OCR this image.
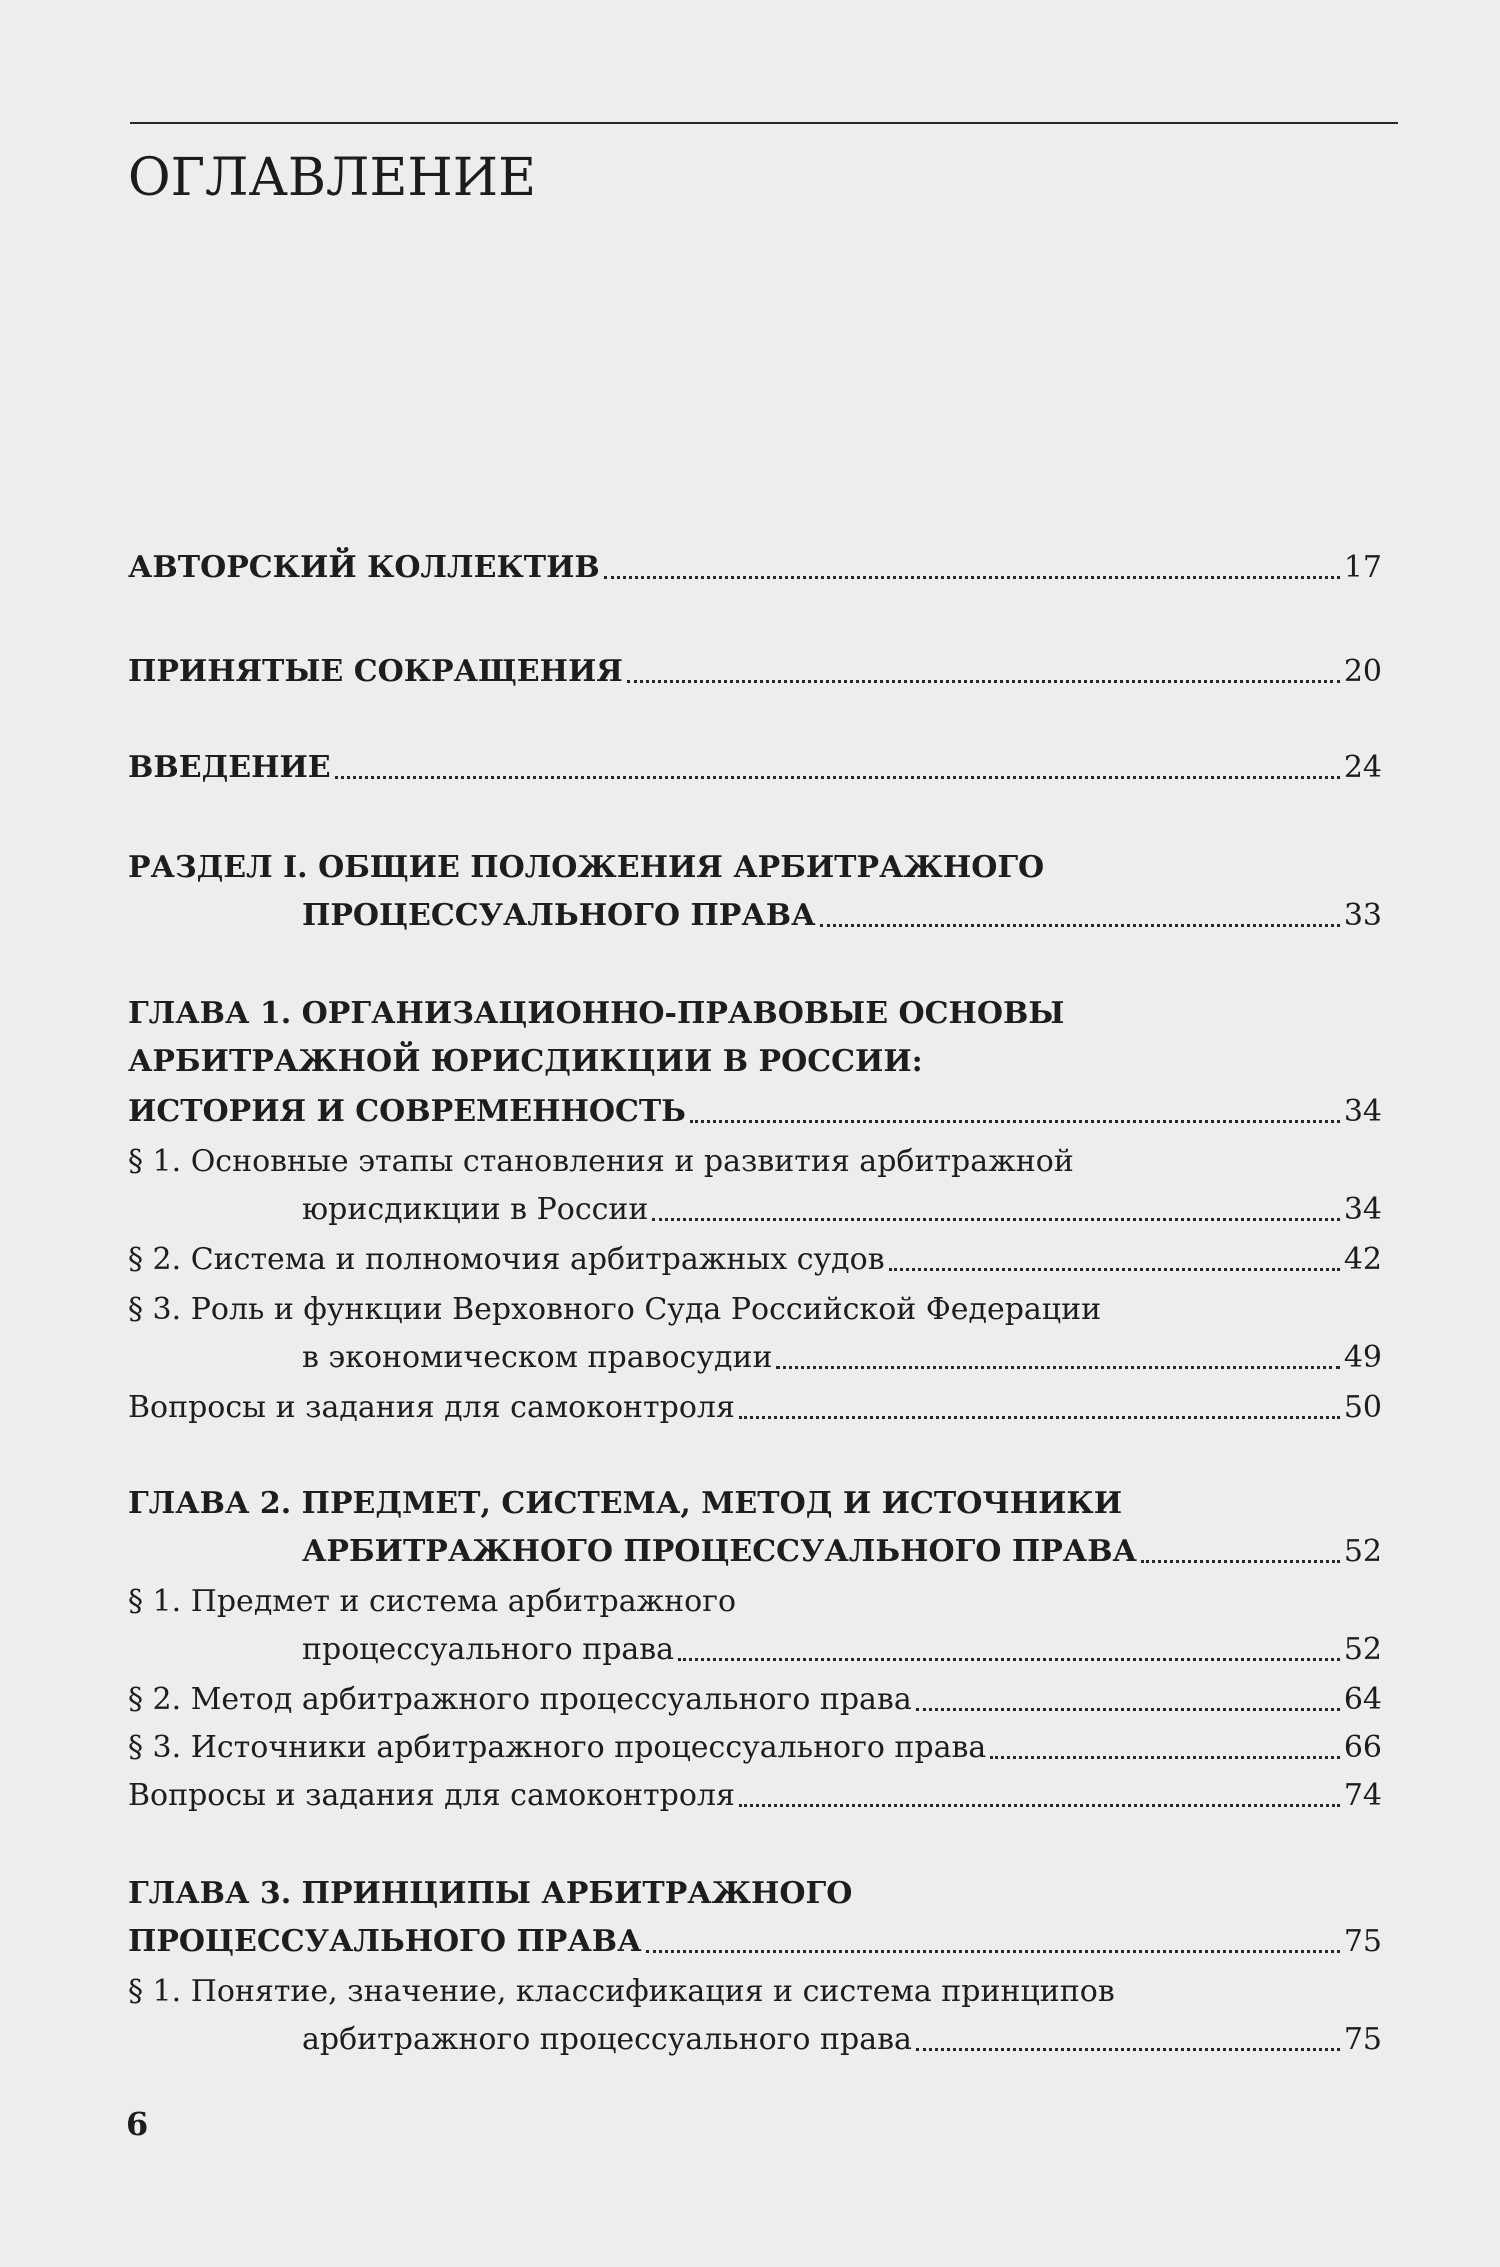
ОГЛАВЛЕНИЕ
АВТОРСКИЙ КОЛЛЕКТИВ	17
ПРИНЯТЫЕ СОКРАЩЕНИЯ	20
ВВЕДЕНИЕ	24
РАЗДЕЛ I. ОБЩИЕ ПОЛОЖЕНИЯ АРБИТРАЖНОГО
ПРОЦЕССУАЛЬНОГО ПРАВА	33
ГЛАВА 1. ОРГАНИЗАЦИОННО-ПРАВОВЫЕ ОСНОВЫ
АРБИТРАЖНОЙ ЮРИСДИКЦИИ В РОССИИ:
ИСТОРИЯ И СОВРЕМЕННОСТЬ	34
§ 1. Основные этапы становления и развития арбитражной
юрисдикции в России	34
§ 2. Система и полномочия арбитражных судов	42
§ 3. Роль и функции Верховного Суда Российской Федерации
в экономическом правосудии	49
Вопросы и задания для самоконтроля	50
ГЛАВА 2. ПРЕДМЕТ, СИСТЕМА, МЕТОД И ИСТОЧНИКИ
АРБИТРАЖНОГО ПРОЦЕССУАЛЬНОГО ПРАВА	52
§ 1. Предмет и система арбитражного
процессуального права	52
§ 2. Метод арбитражного процессуального права	64
§ 3. Источники арбитражного процессуального права	66
Вопросы и задания для самоконтроля	74
ГЛАВА 3. ПРИНЦИПЫ АРБИТРАЖНОГО
ПРОЦЕССУАЛЬНОГО ПРАВА	75
§ 1. Понятие, значение, классификация и система принципов
арбитражного процессуального права	75
6
